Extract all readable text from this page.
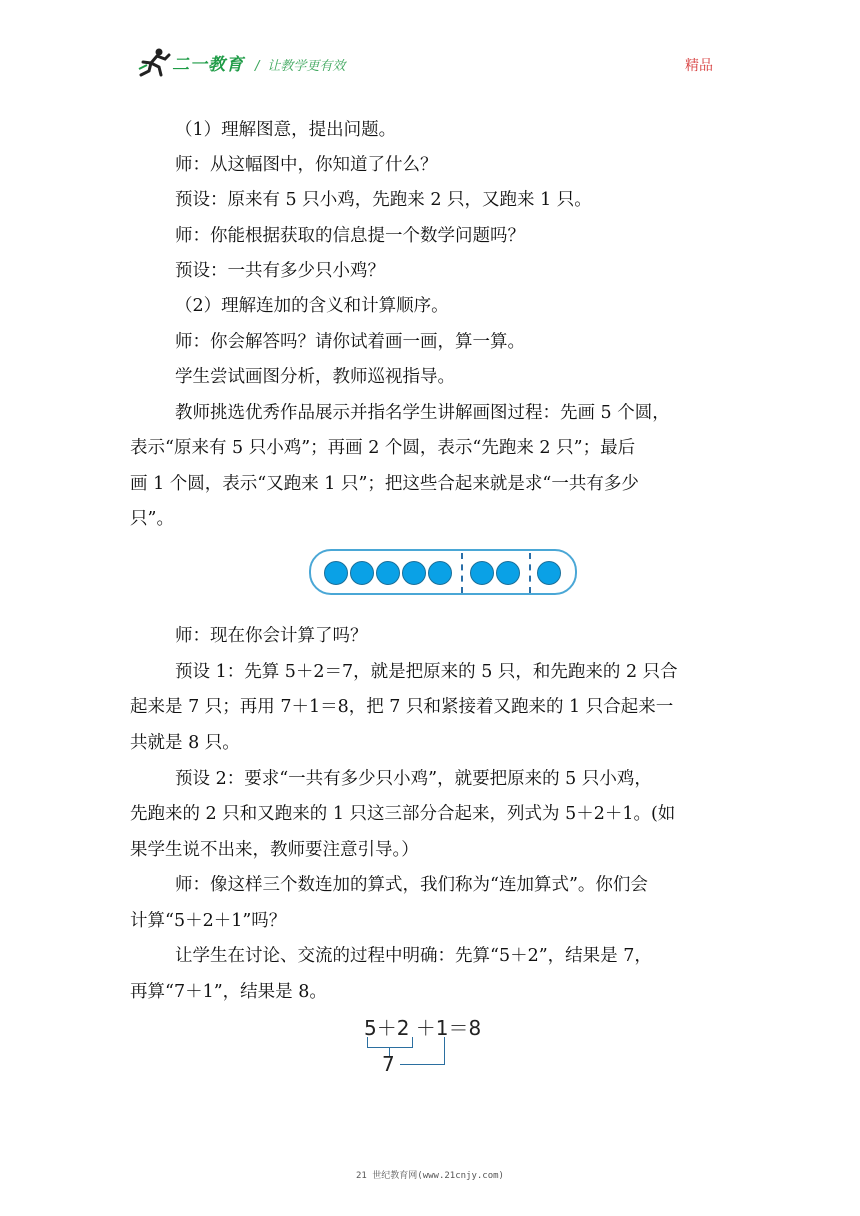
二一教育 / 让教学更有效	精品
（1）理解图意，提出问题。
师：从这幅图中，你知道了什么？
预设：原来有 5 只小鸡，先跑来 2 只，又跑来 1 只。
师：你能根据获取的信息提一个数学问题吗？
预设：一共有多少只小鸡？
（2）理解连加的含义和计算顺序。
师：你会解答吗？请你试着画一画，算一算。
学生尝试画图分析，教师巡视指导。
教师挑选优秀作品展示并指名学生讲解画图过程：先画 5 个圆，
表示“原来有 5 只小鸡”；再画 2 个圆，表示“先跑来 2 只”；最后
画 1 个圆，表示“又跑来 1 只”；把这些合起来就是求“一共有多少
只”。
师：现在你会计算了吗？
预设 1：先算 5＋2＝7，就是把原来的 5 只，和先跑来的 2 只合
起来是 7 只；再用 7＋1＝8，把 7 只和紧接着又跑来的 1 只合起来一
共就是 8 只。
预设 2：要求“一共有多少只小鸡”，就要把原来的 5 只小鸡，
先跑来的 2 只和又跑来的 1 只这三部分合起来，列式为 5＋2＋1。(如
果学生说不出来，教师要注意引导。）
师：像这样三个数连加的算式，我们称为“连加算式”。你们会
计算“5＋2＋1”吗？
让学生在讨论、交流的过程中明确：先算“5＋2”，结果是 7，
再算“7＋1”，结果是 8。
5＋2 ＋1＝8
7
21 世纪教育网(www.21cnjy.com)
